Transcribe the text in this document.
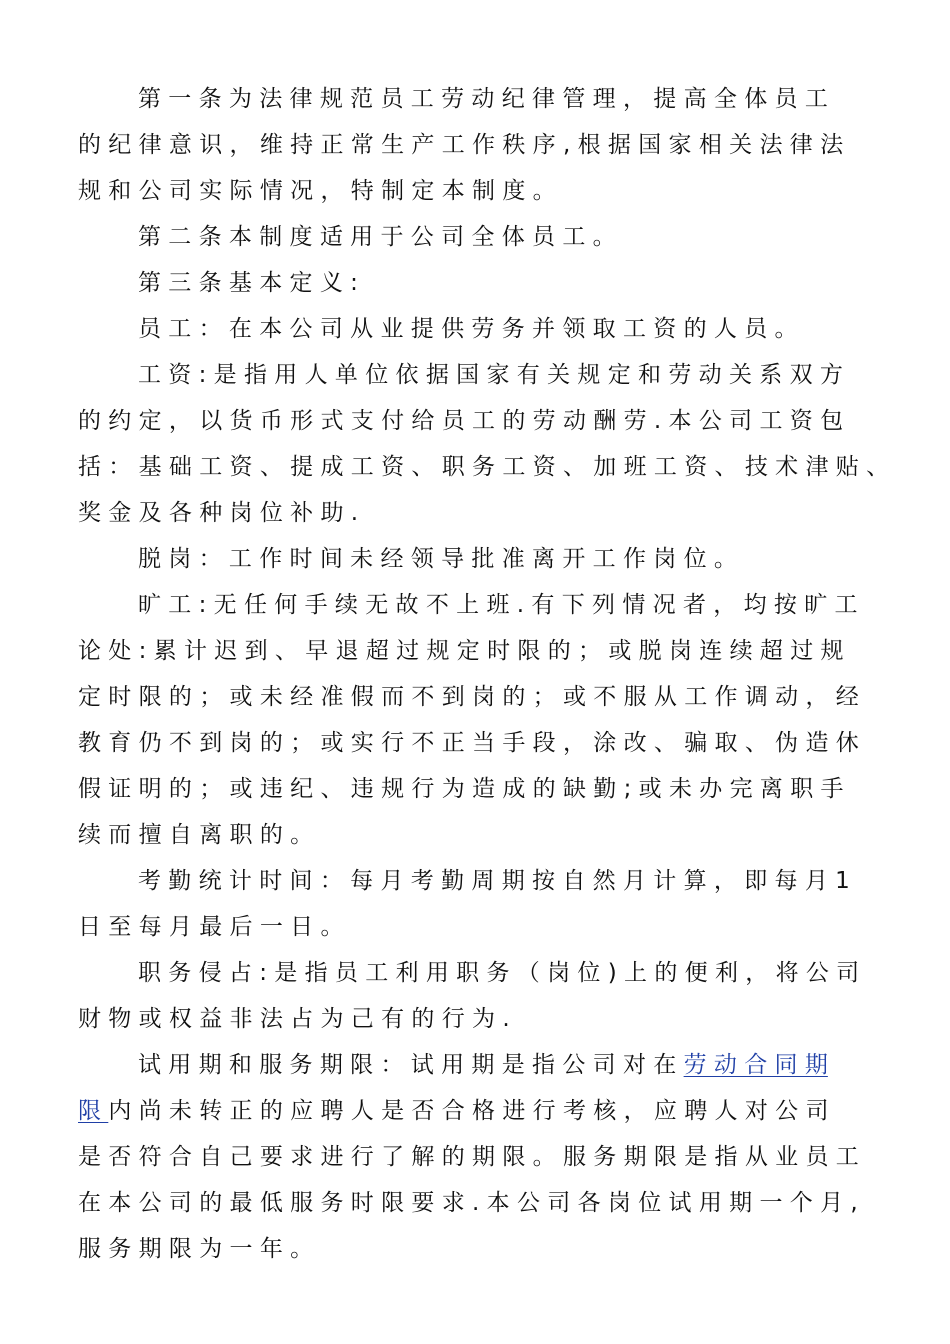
第 一 条 为 法 律 规 范 员 工 劳 动 纪 律 管 理 ， 提 高 全 体 员 工
的 纪 律 意 识 ， 维 持 正 常 生 产 工 作 秩 序 , 根 据 国 家 相 关 法 律 法
规 和 公 司 实 际 情 况 ， 特 制 定 本 制 度 。
第 二 条 本 制 度 适 用 于 公 司 全 体 员 工 。
第 三 条 基 本 定 义 :
员 工 ： 在 本 公 司 从 业 提 供 劳 务 并 领 取 工 资 的 人 员 。
工 资 : 是 指 用 人 单 位 依 据 国 家 有 关 规 定 和 劳 动 关 系 双 方
的 约 定 ， 以 货 币 形 式 支 付 给 员 工 的 劳 动 酬 劳 . 本 公 司 工 资 包
括 ： 基 础 工 资 、 提 成 工 资 、 职 务 工 资 、 加 班 工 资 、 技 术 津 贴 、
奖 金 及 各 种 岗 位 补 助 .
脱 岗 ： 工 作 时 间 未 经 领 导 批 准 离 开 工 作 岗 位 。
旷 工 : 无 任 何 手 续 无 故 不 上 班 . 有 下 列 情 况 者 ， 均 按 旷 工
论 处 : 累 计 迟 到 、 早 退 超 过 规 定 时 限 的 ； 或 脱 岗 连 续 超 过 规
定 时 限 的 ； 或 未 经 准 假 而 不 到 岗 的 ； 或 不 服 从 工 作 调 动 ， 经
教 育 仍 不 到 岗 的 ； 或 实 行 不 正 当 手 段 ， 涂 改 、 骗 取 、 伪 造 休
假 证 明 的 ； 或 违 纪 、 违 规 行 为 造 成 的 缺 勤 ; 或 未 办 完 离 职 手
续 而 擅 自 离 职 的 。
考 勤 统 计 时 间 ： 每 月 考 勤 周 期 按 自 然 月 计 算 ， 即 每 月 1
日 至 每 月 最 后 一 日 。
职 务 侵 占 : 是 指 员 工 利 用 职 务 （ 岗 位 ) 上 的 便 利 ， 将 公 司
财 物 或 权 益 非 法 占 为 己 有 的 行 为 .
试 用 期 和 服 务 期 限 ： 试 用 期 是 指 公 司 对 在 劳 动 合 同 期
限 内 尚 未 转 正 的 应 聘 人 是 否 合 格 进 行 考 核 ， 应 聘 人 对 公 司
是 否 符 合 自 己 要 求 进 行 了 解 的 期 限 。 服 务 期 限 是 指 从 业 员 工
在 本 公 司 的 最 低 服 务 时 限 要 求 . 本 公 司 各 岗 位 试 用 期 一 个 月 ,
服 务 期 限 为 一 年 。
